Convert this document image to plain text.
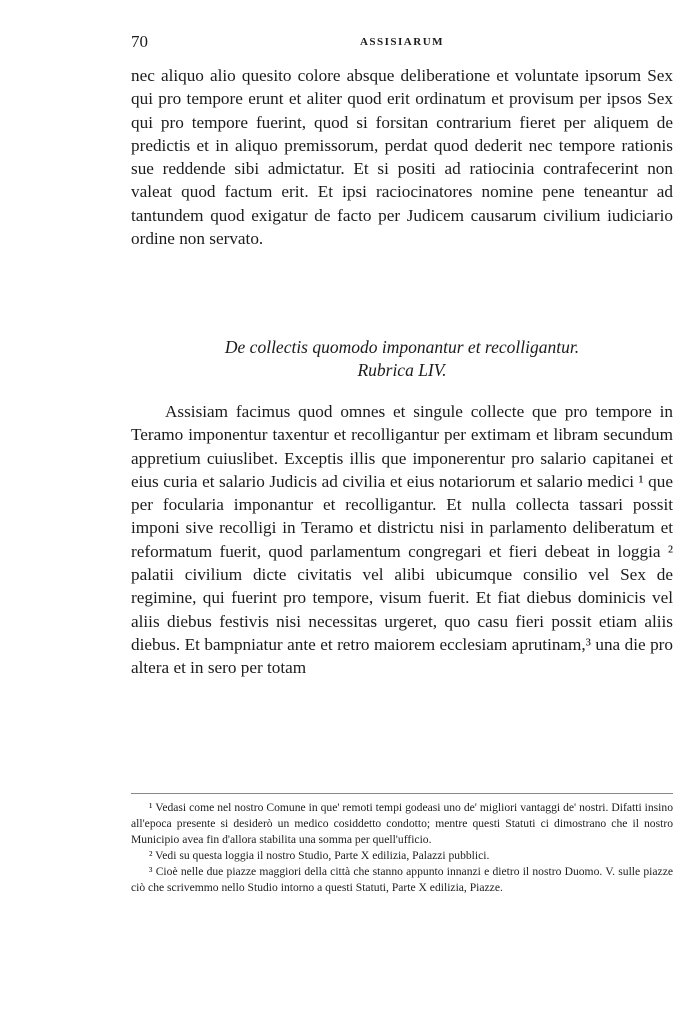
70	ASSISIARUM

nec aliquo alio quesito colore absque deliberatione et voluntate ipsorum Sex qui pro tempore erunt et aliter quod erit ordinatum et provisum per ipsos Sex qui pro tempore fuerint, quod si forsitan contrarium fieret per aliquem de predictis et in aliquo premissorum, perdat quod dederit nec tempore rationis sue reddende sibi admictatur. Et si positi ad ratiocinia contrafecerint non valeat quod factum erit. Et ipsi raciocinatores nomine pene teneantur ad tantundem quod exigatur de facto per Judicem causarum civilium iudiciario ordine non servato.

De collectis quomodo imponantur et recolligantur.
Rubrica LIV.

Assisiam facimus quod omnes et singule collecte que pro tempore in Teramo imponentur taxentur et recolligantur per extimam et libram secundum appretium cuiuslibet. Exceptis illis que imponerentur pro salario capitanei et eius curia et salario Judicis ad civilia et eius notariorum et salario medici ¹ que per focularia imponantur et recolligantur. Et nulla collecta tassari possit imponi sive recolligi in Teramo et districtu nisi in parlamento deliberatum et reformatum fuerit, quod parlamentum congregari et fieri debeat in loggia ² palatii civilium dicte civitatis vel alibi ubicumque consilio vel Sex de regimine, qui fuerint pro tempore, visum fuerit. Et fiat diebus dominicis vel aliis diebus festivis nisi necessitas urgeret, quo casu fieri possit etiam aliis diebus. Et bampniatur ante et retro maiorem ecclesiam aprutinam,³ una die pro altera et in sero per totam

¹ Vedasi come nel nostro Comune in que' remoti tempi godeasi uno de' migliori vantaggi de' nostri. Difatti insino all'epoca presente si desiderò un medico cosiddetto condotto; mentre questi Statuti ci dimostrano che il nostro Municipio avea fin d'allora stabilita una somma per quell'ufficio.

² Vedi su questa loggia il nostro Studio, Parte X edilizia, Palazzi pubblici.

³ Cioè nelle due piazze maggiori della città che stanno appunto innanzi e dietro il nostro Duomo. V. sulle piazze ciò che scrivemmo nello Studio intorno a questi Statuti, Parte X edilizia, Piazze.
